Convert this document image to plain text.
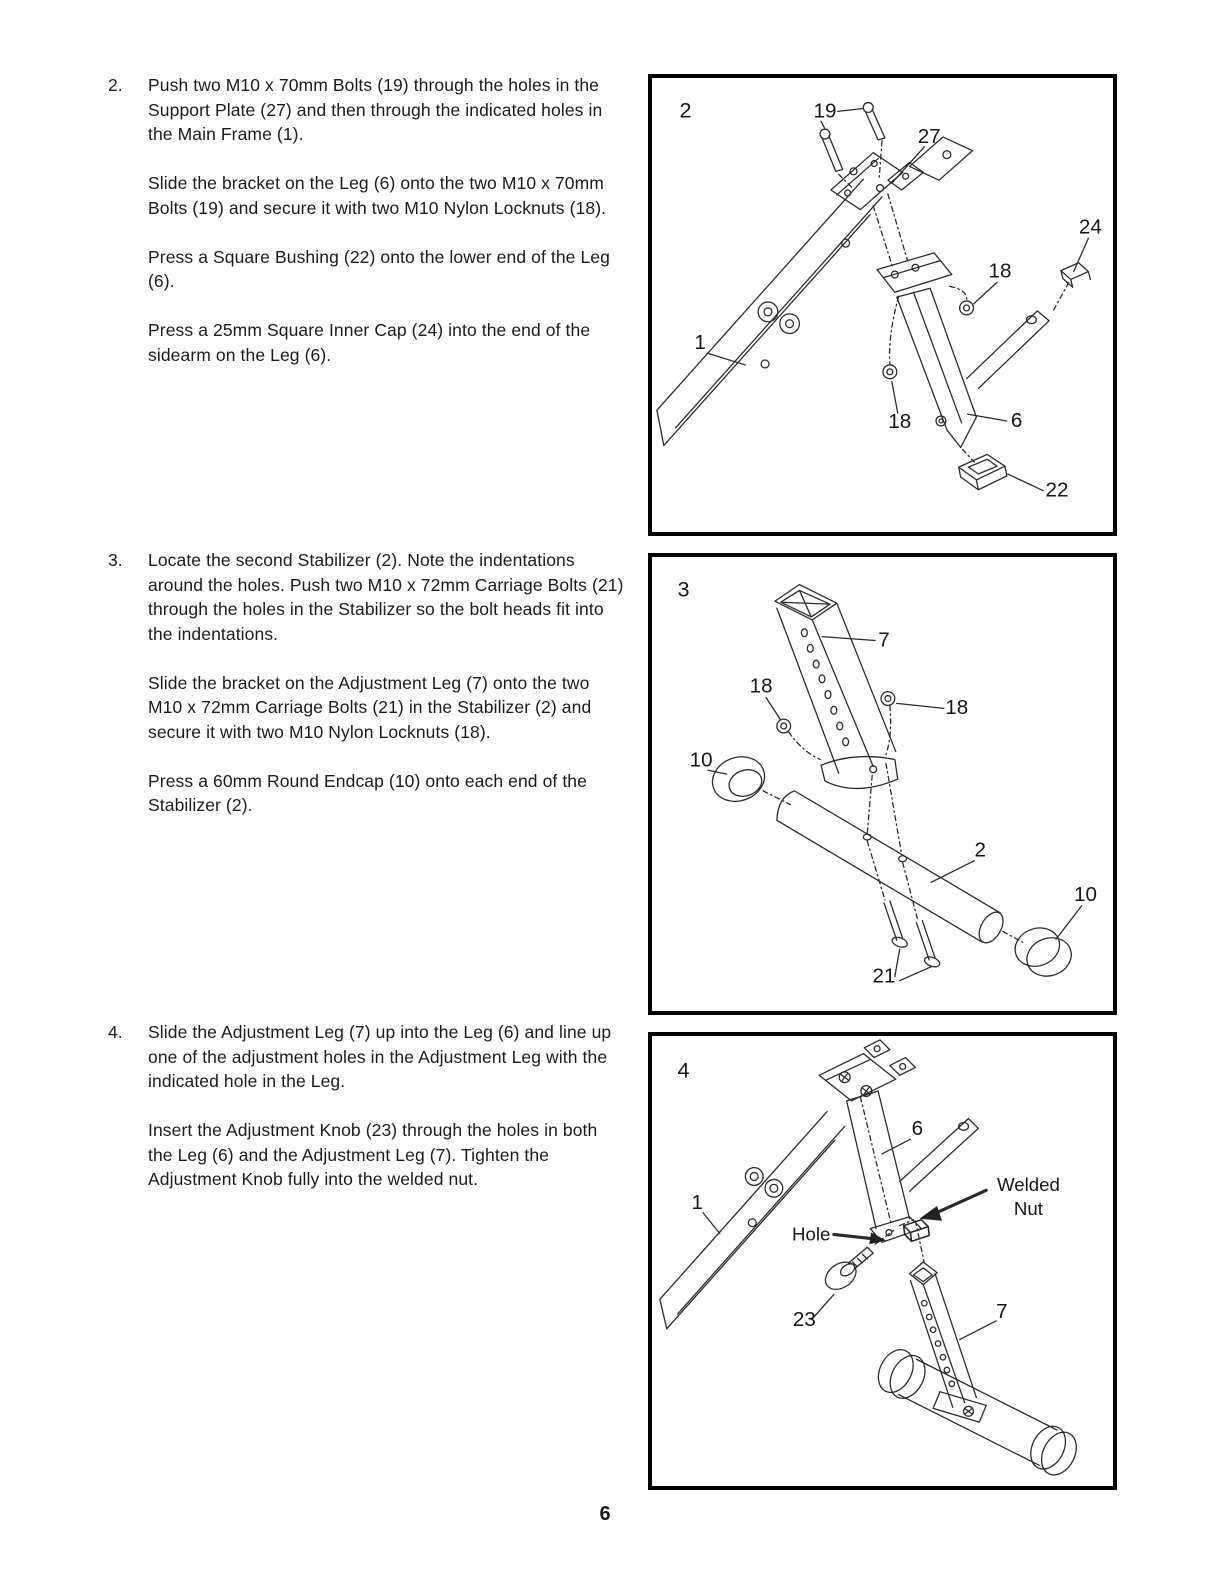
2.	Push two M10 x 70mm Bolts (19) through the holes in the Support Plate (27) and then through the indicated holes in the Main Frame (1).

Slide the bracket on the Leg (6) onto the two M10 x 70mm Bolts (19) and secure it with two M10 Nylon Locknuts (18).

Press a Square Bushing (22) onto the lower end of the Leg (6).

Press a 25mm Square Inner Cap (24) into the end of the sidearm on the Leg (6).

3.	Locate the second Stabilizer (2). Note the indentations around the holes. Push two M10 x 72mm Carriage Bolts (21) through the holes in the Stabilizer so the bolt heads fit into the indentations.

Slide the bracket on the Adjustment Leg (7) onto the two M10 x 72mm Carriage Bolts (21) in the Stabilizer (2) and secure it with two M10 Nylon Locknuts (18).

Press a 60mm Round Endcap (10) onto each end of the Stabilizer (2).

4.	Slide the Adjustment Leg (7) up into the Leg (6) and line up one of the adjustment holes in the Adjustment Leg with the indicated hole in the Leg.

Insert the Adjustment Knob (23) through the holes in both the Leg (6) and the Adjustment Leg (7). Tighten the Adjustment Knob fully into the welded nut.

2	19
27
24
18
1
18	6
22
3
7
18
18
10
2
10
21
4
6
1
Welded
Nut
Hole
23	7
6
